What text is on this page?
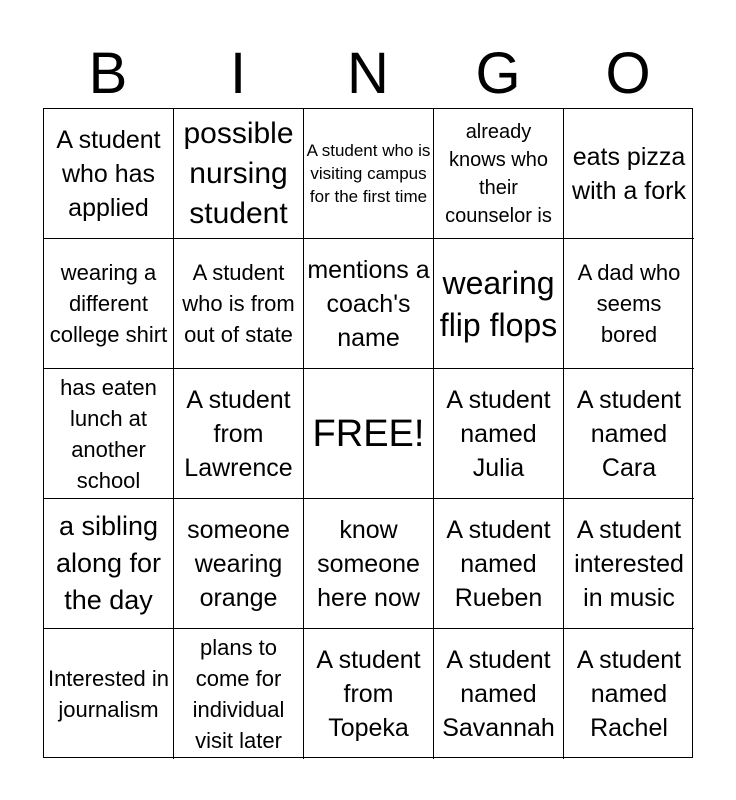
B	I	N	G	O
A student who has applied
possible nursing student
A student who is visiting campus for the first time
already knows who their counselor is
eats pizza with a fork
wearing a different college shirt
A student who is from out of state
mentions a coach's name
wearing flip flops
A dad who seems bored
has eaten lunch at another school
A student from Lawrence
FREE!
A student named Julia
A student named Cara
a sibling along for the day
someone wearing orange
know someone here now
A student named Rueben
A student interested in music
Interested in journalism
plans to come for individual visit later
A student from Topeka
A student named Savannah
A student named Rachel
